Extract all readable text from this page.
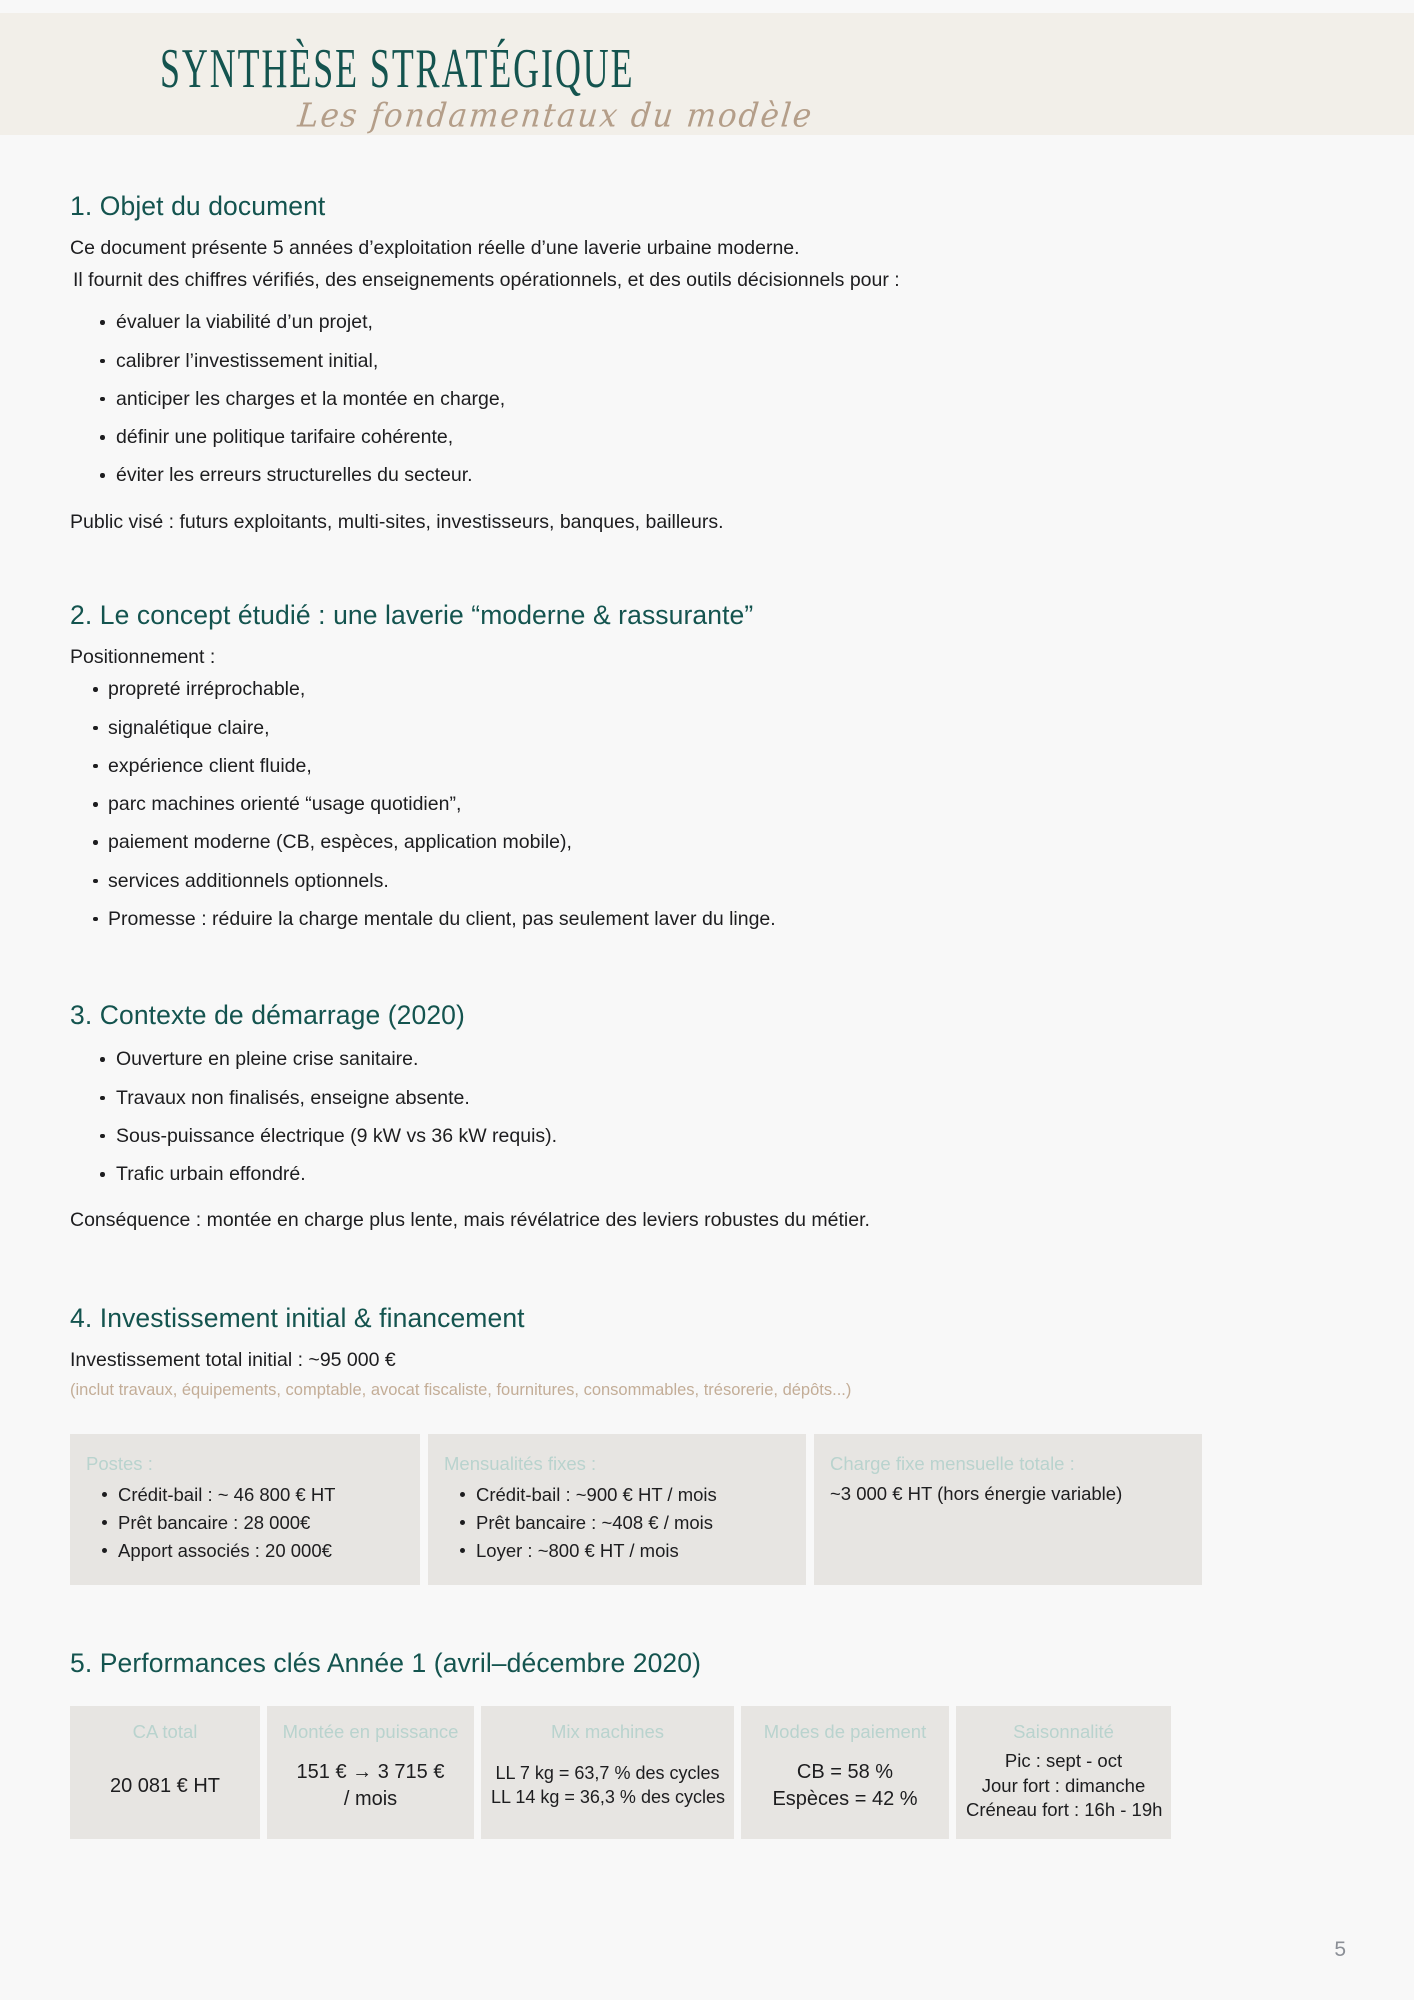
SYNTHÈSE STRATÉGIQUE
Les fondamentaux du modèle
1. Objet du document

Ce document présente 5 années d’exploitation réelle d’une laverie urbaine moderne.

Il fournit des chiffres vérifiés, des enseignements opérationnels, et des outils décisionnels pour :

évaluer la viabilité d’un projet,
calibrer l’investissement initial,
anticiper les charges et la montée en charge,
définir une politique tarifaire cohérente,
éviter les erreurs structurelles du secteur.

Public visé : futurs exploitants, multi-sites, investisseurs, banques, bailleurs.

2. Le concept étudié : une laverie “moderne & rassurante”

Positionnement :

propreté irréprochable,
signalétique claire,
expérience client fluide,
parc machines orienté “usage quotidien”,
paiement moderne (CB, espèces, application mobile),
services additionnels optionnels.
Promesse : réduire la charge mentale du client, pas seulement laver du linge.
3. Contexte de démarrage (2020)
Ouverture en pleine crise sanitaire.
Travaux non finalisés, enseigne absente.
Sous-puissance électrique (9 kW vs 36 kW requis).
Trafic urbain effondré.

Conséquence : montée en charge plus lente, mais révélatrice des leviers robustes du métier.

4. Investissement initial & financement

Investissement total initial : ~95 000 €

(inclut travaux, équipements, comptable, avocat fiscaliste, fournitures, consommables, trésorerie, dépôts...)

Postes :
Crédit-bail : ~ 46 800 € HT
Prêt bancaire : 28 000€
Apport associés : 20 000€
Mensualités fixes :
Crédit-bail : ~900 € HT / mois
Prêt bancaire : ~408 € / mois
Loyer : ~800 € HT / mois
Charge fixe mensuelle totale :

~3 000 € HT (hors énergie variable)

5. Performances clés Année 1 (avril–décembre 2020)
CA total
20 081 € HT
Montée en puissance
151 € → 3 715 €
/ mois
Mix machines
LL 7 kg = 63,7 % des cycles
LL 14 kg = 36,3 % des cycles
Modes de paiement
CB = 58 %
Espèces = 42 %
Saisonnalité
Pic : sept - oct
Jour fort : dimanche
Créneau fort : 16h - 19h
5
